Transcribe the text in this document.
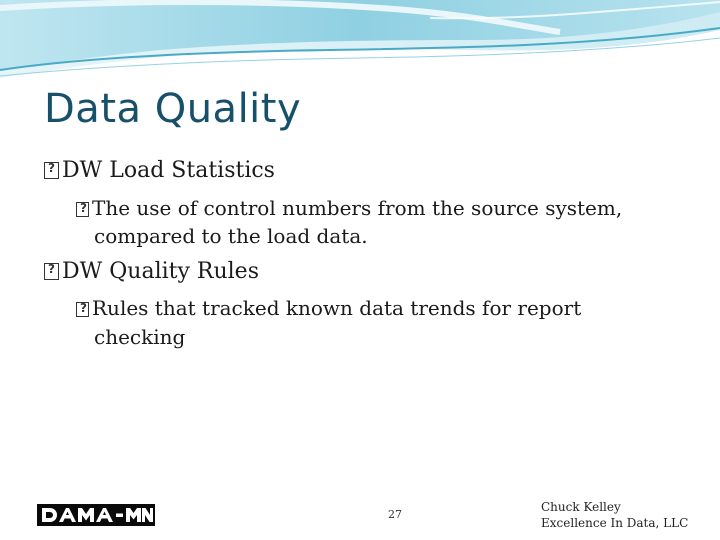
Data Quality
?DW Load Statistics
?The use of control numbers from the source system,
compared to the load data.
?DW Quality Rules
?Rules that tracked known data trends for report
checking
27
Chuck Kelley
Excellence In Data, LLC
